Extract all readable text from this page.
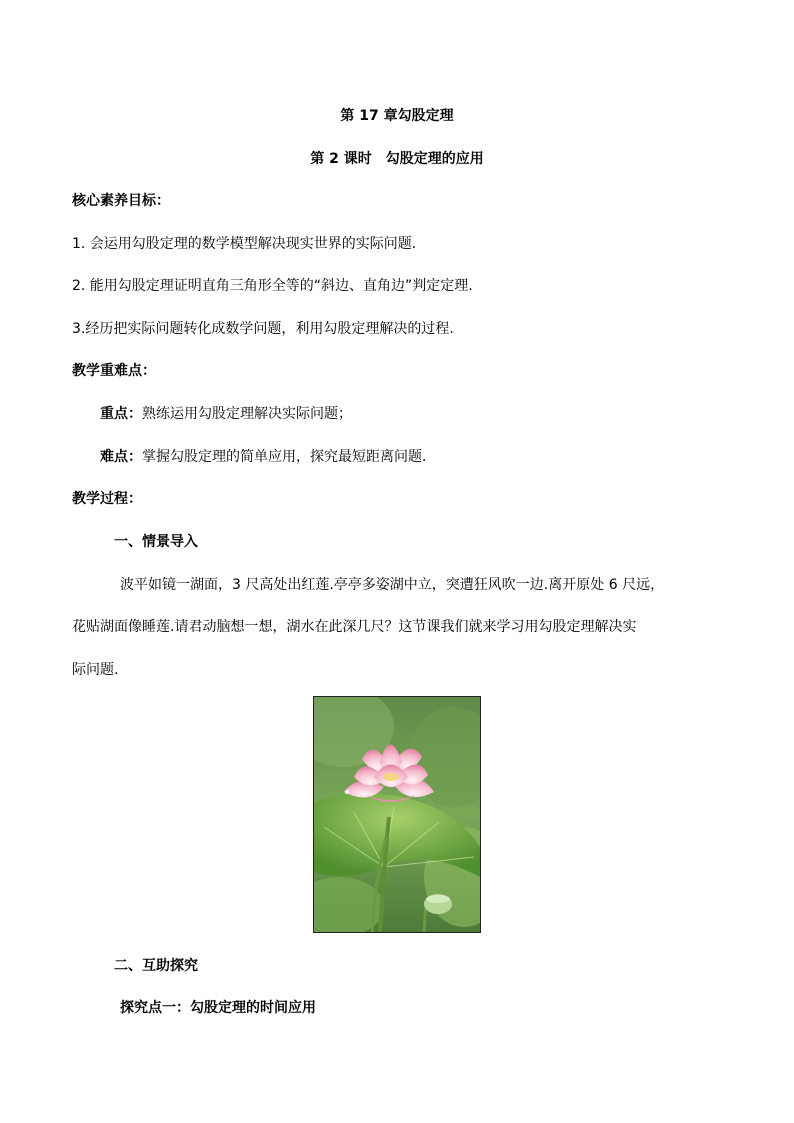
第 17 章勾股定理
第 2 课时　勾股定理的应用
核心素养目标：
1. 会运用勾股定理的数学模型解决现实世界的实际问题.
2. 能用勾股定理证明直角三角形全等的“斜边、直角边”判定定理.
3.经历把实际问题转化成数学问题，利用勾股定理解决的过程.
教学重难点：
重点：熟练运用勾股定理解决实际问题；
难点：掌握勾股定理的简单应用，探究最短距离问题．
教学过程：
一、情景导入
波平如镜一湖面，3 尺高处出红莲.亭亭多姿湖中立，突遭狂风吹一边.离开原处 6 尺远，
花贴湖面像睡莲.请君动脑想一想，湖水在此深几尺？这节课我们就来学习用勾股定理解决实
际问题.
二、互助探究
探究点一：勾股定理的时间应用
